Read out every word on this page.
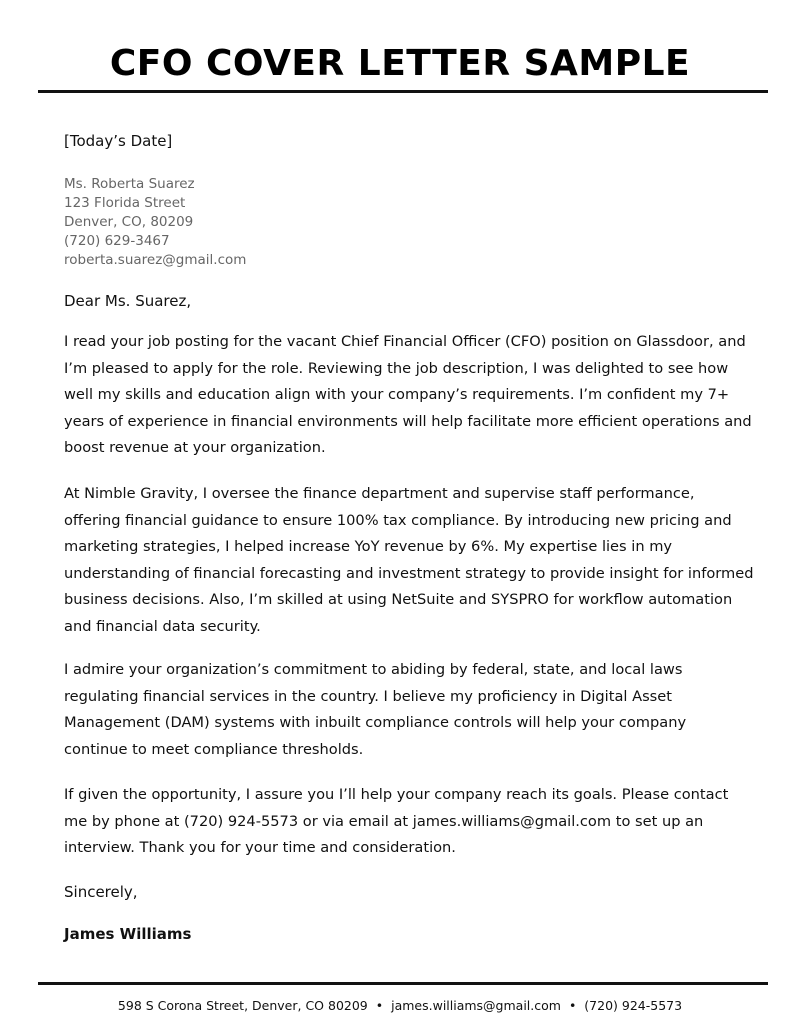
CFO COVER LETTER SAMPLE
[Today’s Date]
Ms. Roberta Suarez
123 Florida Street
Denver, CO, 80209
(720) 629-3467
roberta.suarez@gmail.com
Dear Ms. Suarez,

I read your job posting for the vacant Chief Financial Officer (CFO) position on Glassdoor, and I’m pleased to apply for the role. Reviewing the job description, I was delighted to see how well my skills and education align with your company’s requirements. I’m confident my 7+ years of experience in financial environments will help facilitate more efficient operations and boost revenue at your organization.

At Nimble Gravity, I oversee the finance department and supervise staff performance, offering financial guidance to ensure 100% tax compliance. By introducing new pricing and marketing strategies, I helped increase YoY revenue by 6%. My expertise lies in my understanding of financial forecasting and investment strategy to provide insight for informed business decisions. Also, I’m skilled at using NetSuite and SYSPRO for workflow automation and financial data security.

I admire your organization’s commitment to abiding by federal, state, and local laws regulating financial services in the country. I believe my proficiency in Digital Asset Management (DAM) systems with inbuilt compliance controls will help your company continue to meet compliance thresholds.

If given the opportunity, I assure you I’ll help your company reach its goals. Please contact me by phone at (720) 924-5573 or via email at james.williams@gmail.com to set up an interview. Thank you for your time and consideration.

Sincerely,
James Williams
598 S Corona Street, Denver, CO 80209 • james.williams@gmail.com • (720) 924-5573
